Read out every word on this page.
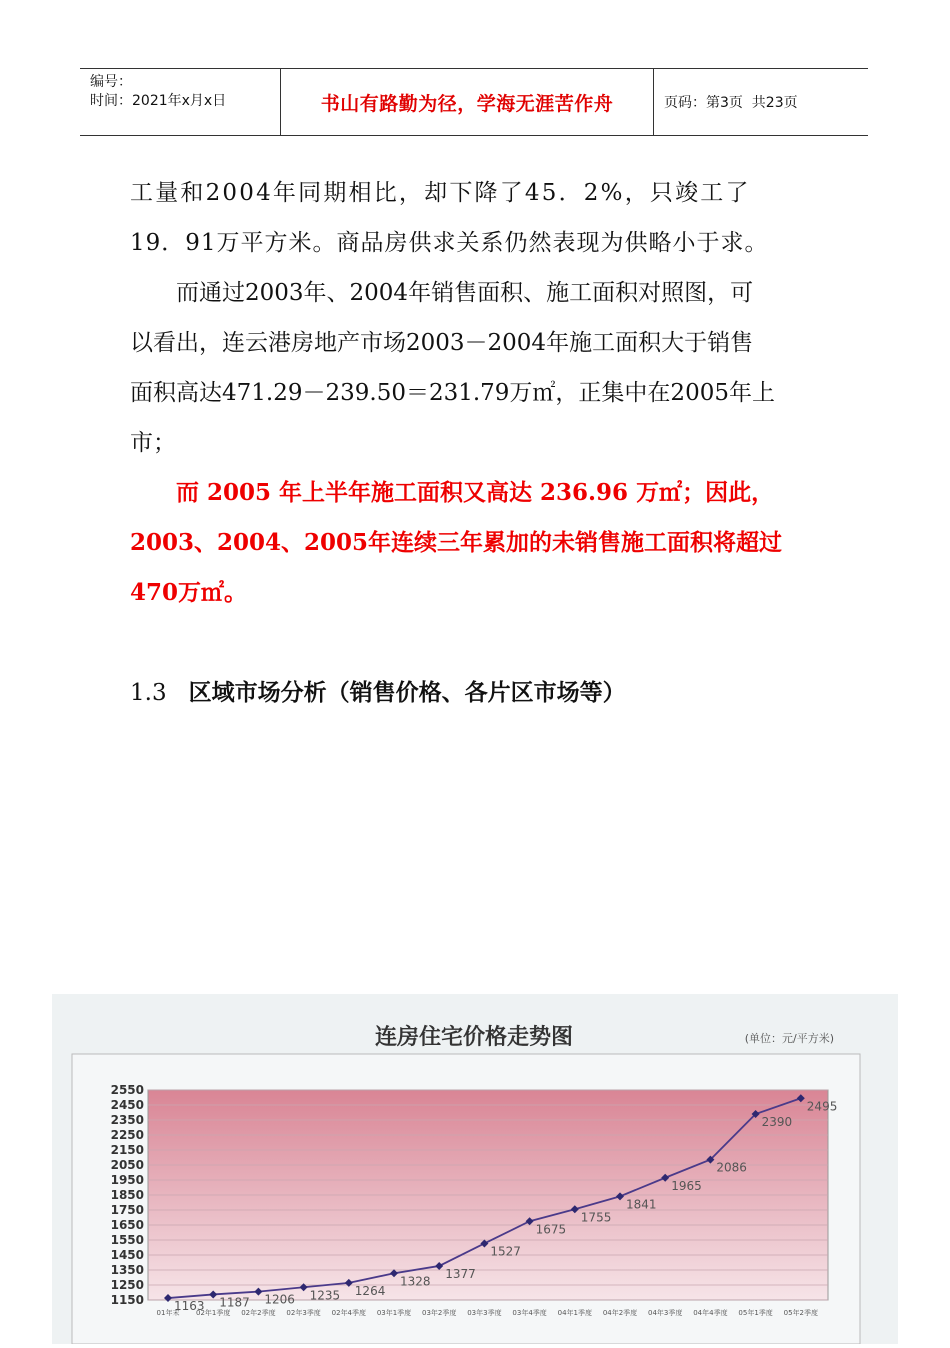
编号：
时间：2021年x月x日	书山有路勤为径，学海无涯苦作舟	页码：第3页  共23页
工量和2004年同期相比，却下降了45．2%，只竣工了
19．91万平方米。商品房供求关系仍然表现为供略小于求。
　　而通过2003年、2004年销售面积、施工面积对照图，可
以看出，连云港房地产市场2003－2004年施工面积大于销售
面积高达471.29－239.50＝231.79万㎡，正集中在2005年上
市；
　　而 2005 年上半年施工面积又高达 236.96 万㎡；因此，
2003、2004、2005年连续三年累加的未销售施工面积将超过
470万㎡。
1.3 区域市场分析（销售价格、各片区市场等）
连房住宅价格走势图	(单位：元/平方米)
1150
1250
1350
1450
1550
1650
1750
1850
1950
2050
2150
2250
2350
2450
2550
01年末 02年1季度 02年2季度 02年3季度 02年4季度 03年1季度 03年2季度 03年3季度 03年4季度 04年1季度 04年2季度 04年3季度 04年4季度 05年1季度 05年2季度
1163 1187 1206 1235 1264
1328
1377
1527
1675
1755
1841
1965
2086
2390
2495
